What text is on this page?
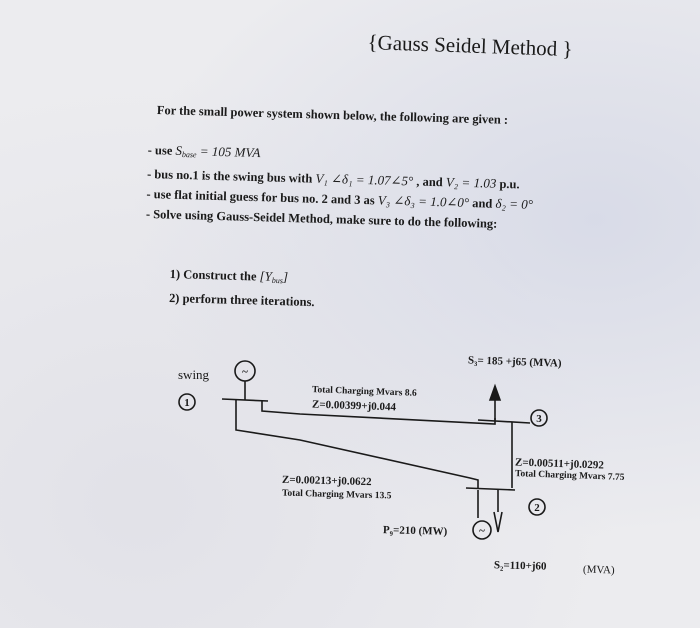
{Gauss Seidel Method }
For the small power system shown below, the following are given :
- use $S_{base} = 105$ MVA
- bus no.1 is the swing bus with V₁ ∠δ₁ = 1.07∠5° , and V₂ = 1.03 p.u.
- use flat initial guess for bus no. 2 and 3 as V₃ ∠δ₃ = 1.0∠0° and δ₂ = 0°
- Solve using Gauss-Seidel Method, make sure to do the following:
1) Construct the $[Y_{bus}]$
2) perform three iterations.
~
~
1
3
2
swing
Total Charging Mvars 8.6
Z=0.00399+j0.044
S₃= 185 +j65 (MVA)
Z=0.00511+j0.0292
Total Charging Mvars 7.75
Z=0.00213+j0.0622
Total Charging Mvars 13.5
P₉=210 (MW)
S₂=110+j60	(MVA)
